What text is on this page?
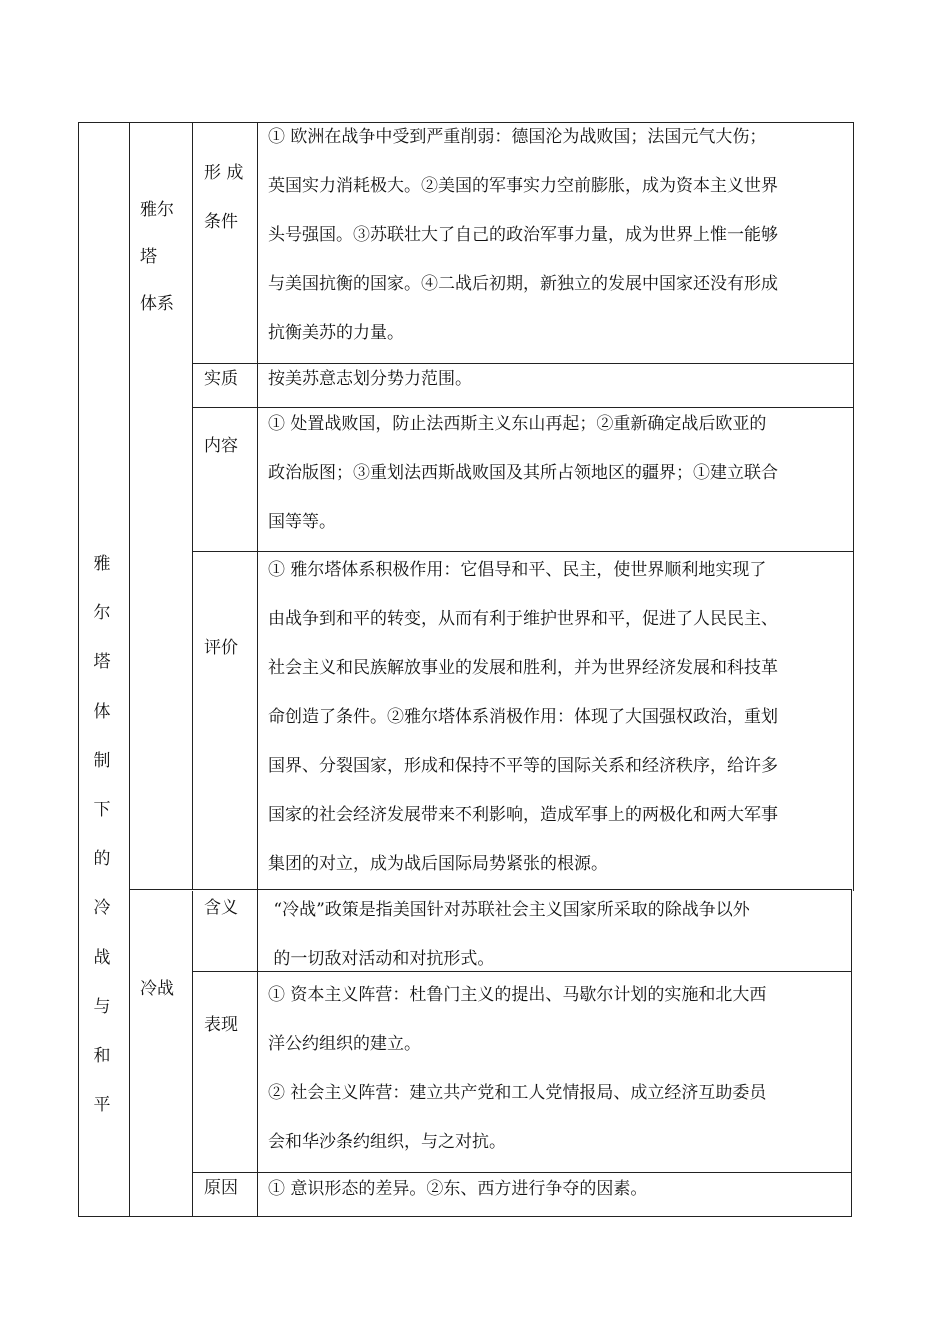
雅
尔
塔
体
制
下
的
冷
战
与
和
平
雅尔
塔
体系
冷战
形 成
条件
实质
内容
评价
含义
表现
原因
① 欧洲在战争中受到严重削弱：德国沦为战败国；法国元气大伤；
英国实力消耗极大。②美国的军事实力空前膨胀，成为资本主义世界
头号强国。③苏联壮大了自己的政治军事力量，成为世界上惟一能够
与美国抗衡的国家。④二战后初期，新独立的发展中国家还没有形成
抗衡美苏的力量。
按美苏意志划分势力范围。
① 处置战败国，防止法西斯主义东山再起；②重新确定战后欧亚的
政治版图；③重划法西斯战败国及其所占领地区的疆界；①建立联合
国等等。
① 雅尔塔体系积极作用：它倡导和平、民主，使世界顺利地实现了
由战争到和平的转变，从而有利于维护世界和平，促进了人民民主、
社会主义和民族解放事业的发展和胜利，并为世界经济发展和科技革
命创造了条件。②雅尔塔体系消极作用：体现了大国强权政治，重划
国界、分裂国家，形成和保持不平等的国际关系和经济秩序，给许多
国家的社会经济发展带来不利影响，造成军事上的两极化和两大军事
集团的对立，成为战后国际局势紧张的根源。
“冷战”政策是指美国针对苏联社会主义国家所采取的除战争以外
的一切敌对活动和对抗形式。
① 资本主义阵营：杜鲁门主义的提出、马歇尔计划的实施和北大西
洋公约组织的建立。
② 社会主义阵营：建立共产党和工人党情报局、成立经济互助委员
会和华沙条约组织，与之对抗。
① 意识形态的差异。②东、西方进行争夺的因素。
